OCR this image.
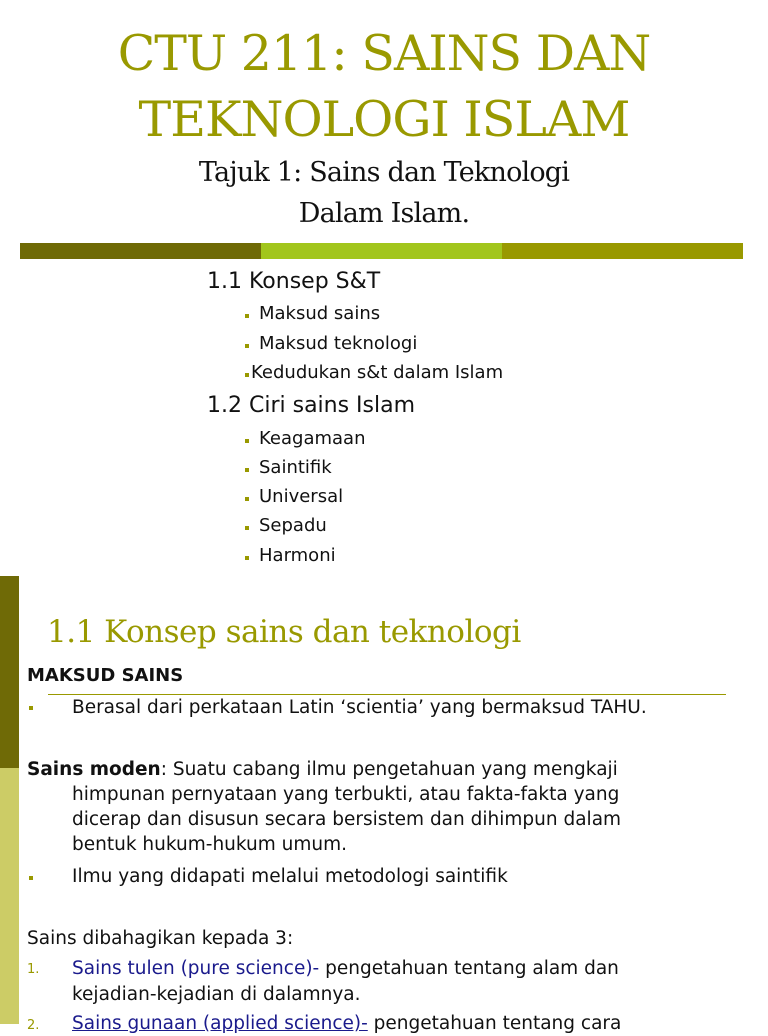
CTU 211: SAINS DAN
TEKNOLOGI ISLAM
Tajuk 1: Sains dan Teknologi
Dalam Islam.
1.1 Konsep S&T
Maksud sains
Maksud teknologi
Kedudukan s&t dalam Islam
1.2 Ciri sains Islam
Keagamaan
Saintifik
Universal
Sepadu
Harmoni
1.1 Konsep sains dan teknologi
MAKSUD SAINS
Berasal dari perkataan Latin ‘scientia’ yang bermaksud TAHU.
Sains moden: Suatu cabang ilmu pengetahuan yang mengkaji
himpunan pernyataan yang terbukti, atau fakta-fakta yang
dicerap dan disusun secara bersistem dan dihimpun dalam
bentuk hukum-hukum umum.
Ilmu yang didapati melalui metodologi saintifik
Sains dibahagikan kepada 3:
1. Sains tulen (pure science)- pengetahuan tentang alam dan
kejadian-kejadian di dalamnya.
2. Sains gunaan (applied science)- pengetahuan tentang cara
